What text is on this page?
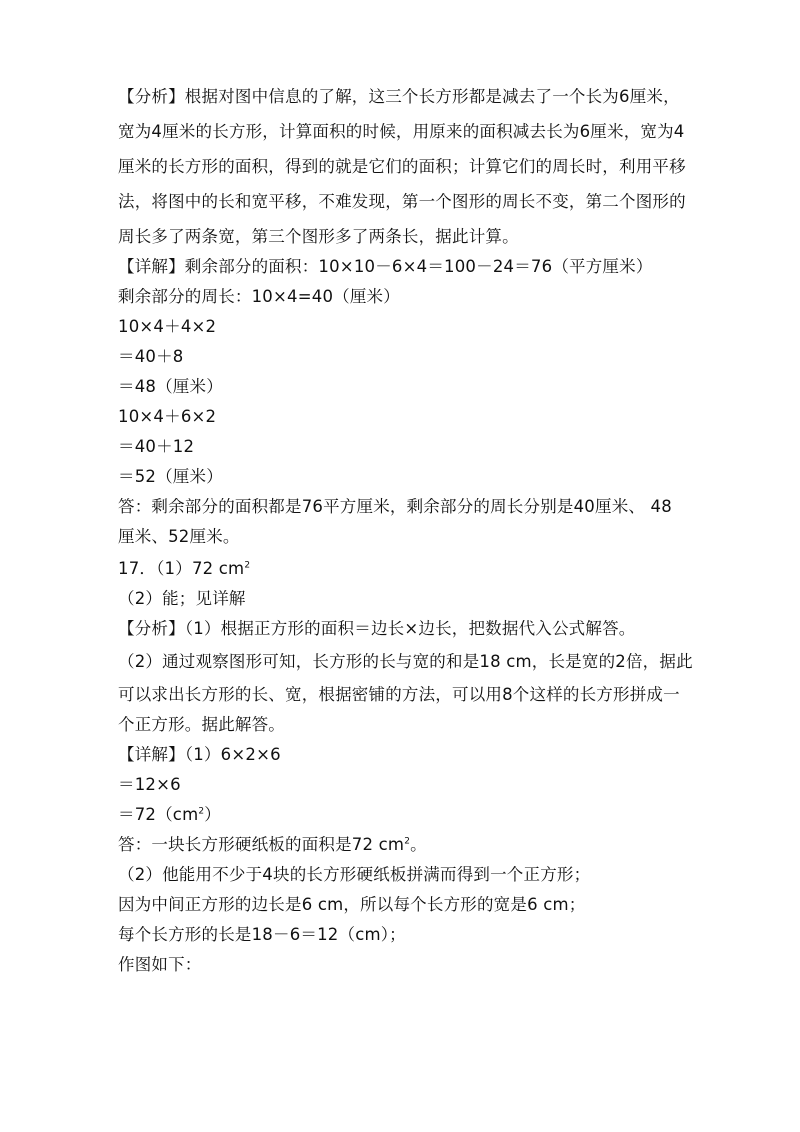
【分析】根据对图中信息的了解，这三个长方形都是减去了一个长为6厘米，
宽为4厘米的长方形，计算面积的时候，用原来的面积减去长为6厘米，宽为4
厘米的长方形的面积，得到的就是它们的面积；计算它们的周长时，利用平移
法，将图中的长和宽平移，不难发现，第一个图形的周长不变，第二个图形的
周长多了两条宽，第三个图形多了两条长，据此计算。
【详解】剩余部分的面积：10×10－6×4＝100－24＝76（平方厘米）
剩余部分的周长：10×4=40（厘米）
10×4＋4×2
＝40＋8
＝48（厘米）
10×4＋6×2
＝40＋12
＝52（厘米）
答：剩余部分的面积都是76平方厘米，剩余部分的周长分别是40厘米、 48
厘米、52厘米。
17．（1）72 $cm^2$
（2）能；见详解
【分析】（1）根据正方形的面积＝边长×边长，把数据代入公式解答。
（2）通过观察图形可知，长方形的长与宽的和是18 cm，长是宽的2倍，据此
可以求出长方形的长、宽，根据密铺的方法，可以用8个这样的长方形拼成一
个正方形。据此解答。
【详解】（1）6×2×6
＝12×6
$=72(cm^2)$
答：一块长方形硬纸板的面积是72 $cm^2$。
（2）他能用不少于4块的长方形硬纸板拼满而得到一个正方形；
因为中间正方形的边长是6 cm，所以每个长方形的宽是6 cm；
每个长方形的长是18－6＝12（cm）；
作图如下：
